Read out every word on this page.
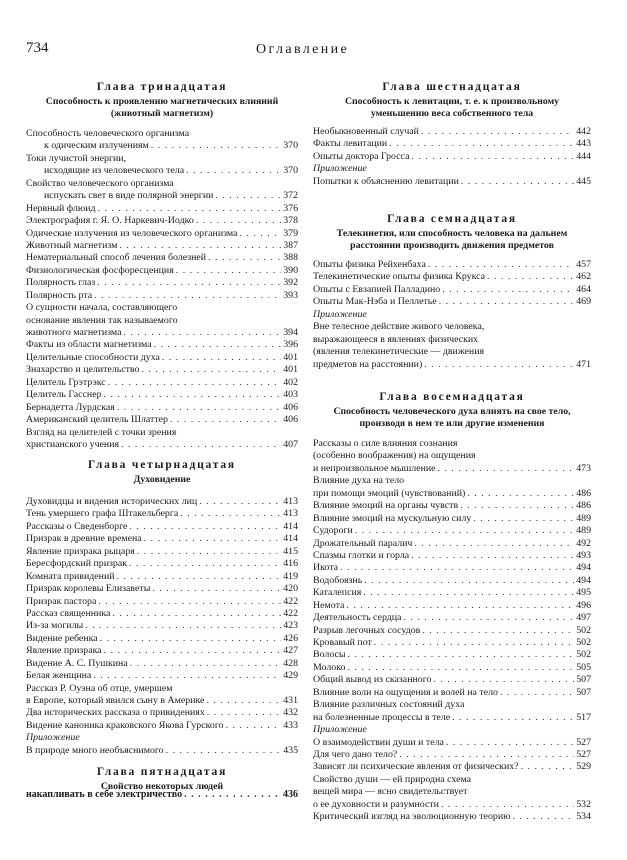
734	Оглавление
Глава тринадцатая
Способность к проявлению магнетических влияний
(животный магнетизм)
Способность человеческого организма
к одическим излучениям . . .	370
Токи лучистой энергии,
исходящие из человеческого тела . . .	370
Свойство человеческого организма
испускать свет в виде полярной энергии . . .	372
Нервный флюид . . .	376
Электрография г. Я. О. Наркевич-Иодко . . .	378
Одические излучения из человеческого организма . . .	379
Животный магнетизм . . .	387
Нематериальный способ лечения болезней . . .	388
Физиологическая фосфоресценция . . .	390
Полярность глаз . . .	392
Полярность рта . . .	393
О сущности начала, составляющего
основание явления так называемого
животного магнетизма . . .	394
Факты из области магнетизма . . .	396
Целительные способности духа . . .	401
Знахарство и целительство . . .	401
Целитель Грэтрэкс . . .	402
Целитель Гасснер . . .	403
Бернадетта Лурдская . . .	406
Американский целитель Шлаттер . . .	406
Взгляд на целителей с точки зрения
христианского учения . . .	407
Глава четырнадцатая
Духовидение
Духовидцы и видения исторических лиц . . .	413
Тень умершего графа Штакельберга . . .	413
Рассказы о Сведенборге . . .	414
Призрак в древние времена . . .	414
Явление призрака рыцаря . . .	415
Бересфордский призрак . . .	416
Комната привидений . . .	419
Призрак королевы Елизаветы . . .	420
Призрак пастора . . .	422
Рассказ священника . . .	422
Из-за могилы . . .	423
Видение ребенка . . .	426
Явление призрака . . .	427
Видение А. С. Пушкина . . .	428
Белая женщина . . .	429
Рассказ Р. Оуэна об отце, умершем
в Европе, который явился сыну в Америке . . .	431
Два исторических рассказа о привидениях . . .	432
Видение каноника краковского Якова Гурского . . .	433
Приложение
В природе много необъяснимого . . .	435
Глава пятнадцатая
Свойство некоторых людей
накапливать в себе электричество . . .	436
Глава шестнадцатая
Способность к левитации, т. е. к произвольному
уменьшению веса собственного тела
Необыкновенный случай . . .	442
Факты левитации . . .	443
Опыты доктора Гросса . . .	444
Приложение
Попытки к объяснению левитации . . .	445
Глава семнадцатая
Телекинетия, или способность человека на дальнем
расстоянии производить движения предметов
Опыты физика Рейхенбаха . . .	457
Телекинетические опыты физика Крукса . . .	462
Опыты с Евзапией Палладино . . .	464
Опыты Мак-Нэба и Пеллетье . . .	469
Приложение
Вне телесное действие живого человека,
выражающееся в явлениях физических
(явления телекинетические — движения
предметов на расстоянии) . . .	471
Глава восемнадцатая
Способность человеческого духа влиять на свое тело,
производя в нем те или другие изменения
Рассказы о силе влияния сознания
(особенно воображения) на ощущения
и непроизвольное мышление . . .	473
Влияние духа на тело
при помощи эмоций (чувствований) . . .	486
Влияние эмоций на органы чувств . . .	486
Влияние эмоций на мускульную силу . . .	489
Судороги . . .	489
Дрожательный паралич . . .	492
Спазмы глотки и горла . . .	493
Икота . . .	494
Водобоязнь . . .	494
Каталепсия . . .	495
Немота . . .	496
Деятельность сердца . . .	497
Разрыв легочных сосудов . . .	502
Кровавый пот . . .	502
Волосы . . .	502
Молоко . . .	505
Общий вывод из сказанного . . .	507
Влияние воли на ощущения и волей на тело . . .	507
Влияние различных состояний духа
на болезненные процессы в теле . . .	517
Приложение
О взаимодействии души и тела . . .	527
Для чего дано тело? . . .	527
Зависят ли психические явления от физических? . . .	529
Свойство души — ей природна схема
вещей мира — ясно свидетельствует
о ее духовности и разумности . . .	532
Критический взгляд на эволюционную теорию . . .	534
